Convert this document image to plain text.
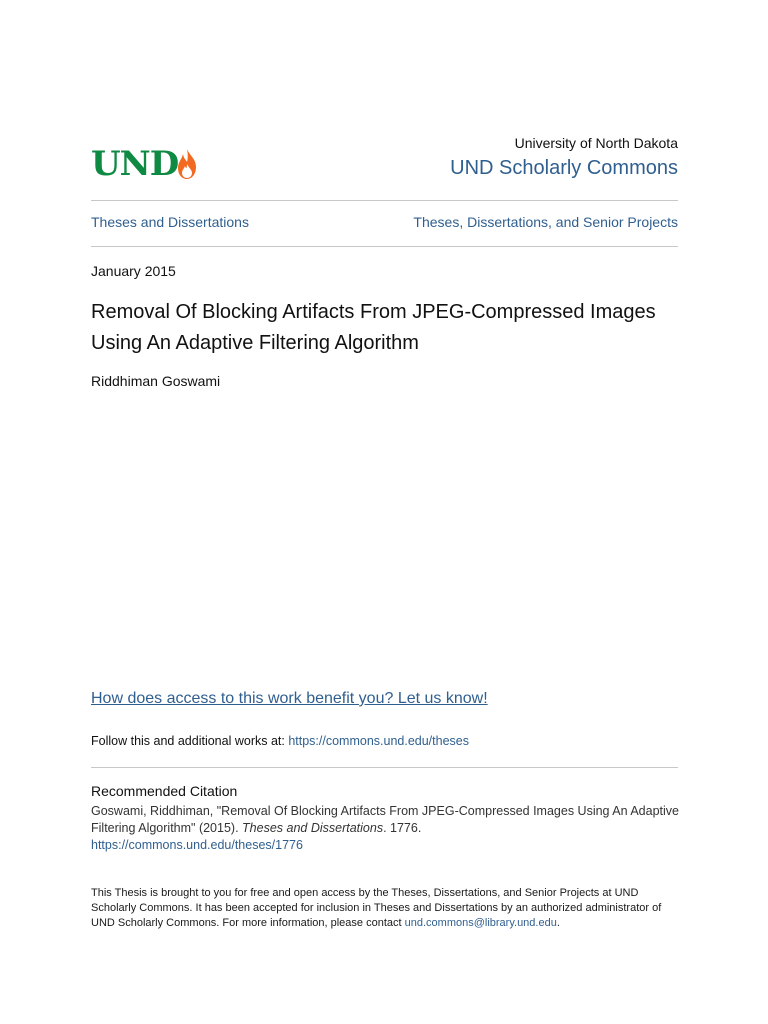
UND
University of North Dakota
UND Scholarly Commons
Theses and Dissertations	Theses, Dissertations, and Senior Projects
January 2015
Removal Of Blocking Artifacts From JPEG-Compressed Images Using An Adaptive Filtering Algorithm
Riddhiman Goswami
How does access to this work benefit you? Let us know!
Follow this and additional works at: https://commons.und.edu/theses
Recommended Citation
Goswami, Riddhiman, "Removal Of Blocking Artifacts From JPEG-Compressed Images Using An Adaptive Filtering Algorithm" (2015). Theses and Dissertations. 1776.
https://commons.und.edu/theses/1776
This Thesis is brought to you for free and open access by the Theses, Dissertations, and Senior Projects at UND Scholarly Commons. It has been accepted for inclusion in Theses and Dissertations by an authorized administrator of UND Scholarly Commons. For more information, please contact und.commons@library.und.edu.
